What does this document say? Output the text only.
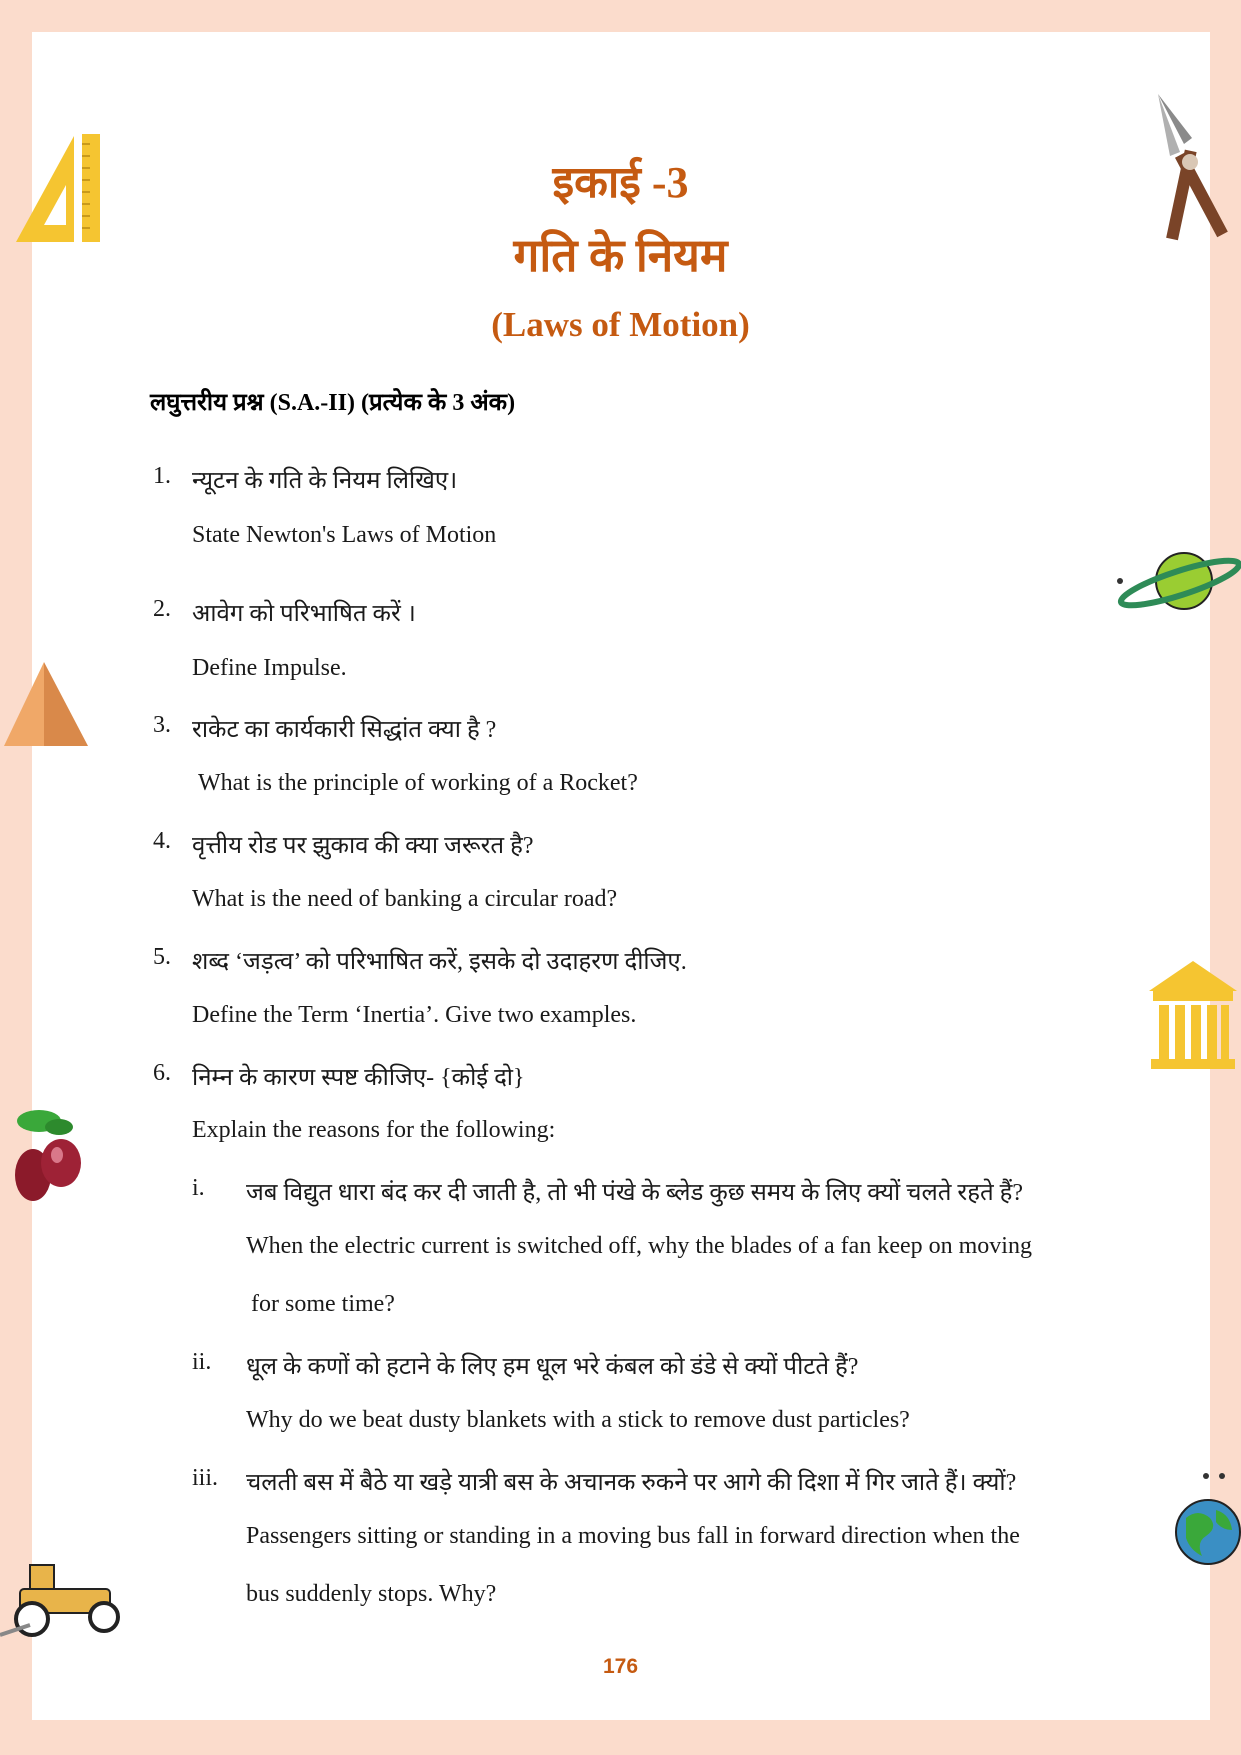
इकाई -3
गति के नियम
(Laws of Motion)
लघुत्तरीय प्रश्न (S.A.-II) (प्रत्येक के 3 अंक)
1. न्यूटन के गति के नियम लिखिए।
State Newton's Laws of Motion
2. आवेग को परिभाषित करें ।
Define Impulse.
3. राकेट का कार्यकारी सिद्धांत क्या है ?
What is the principle of working of a Rocket?
4. वृत्तीय रोड पर झुकाव की क्या जरूरत है?
What is the need of banking a circular road?
5. शब्द ‘जड़त्व’ को परिभाषित करें, इसके दो उदाहरण दीजिए.
Define the Term ‘Inertia’. Give two examples.
6. निम्न के कारण स्पष्ट कीजिए- {कोई दो}
Explain the reasons for the following:
i. जब विद्युत धारा बंद कर दी जाती है, तो भी पंखे के ब्लेड कुछ समय के लिए क्यों चलते रहते हैं?
When the electric current is switched off, why the blades of a fan keep on moving
for some time?
ii. धूल के कणों को हटाने के लिए हम धूल भरे कंबल को डंडे से क्यों पीटते हैं?
Why do we beat dusty blankets with a stick to remove dust particles?
iii. चलती बस में बैठे या खड़े यात्री बस के अचानक रुकने पर आगे की दिशा में गिर जाते हैं। क्यों?
Passengers sitting or standing in a moving bus fall in forward direction when the
bus suddenly stops. Why?
176
